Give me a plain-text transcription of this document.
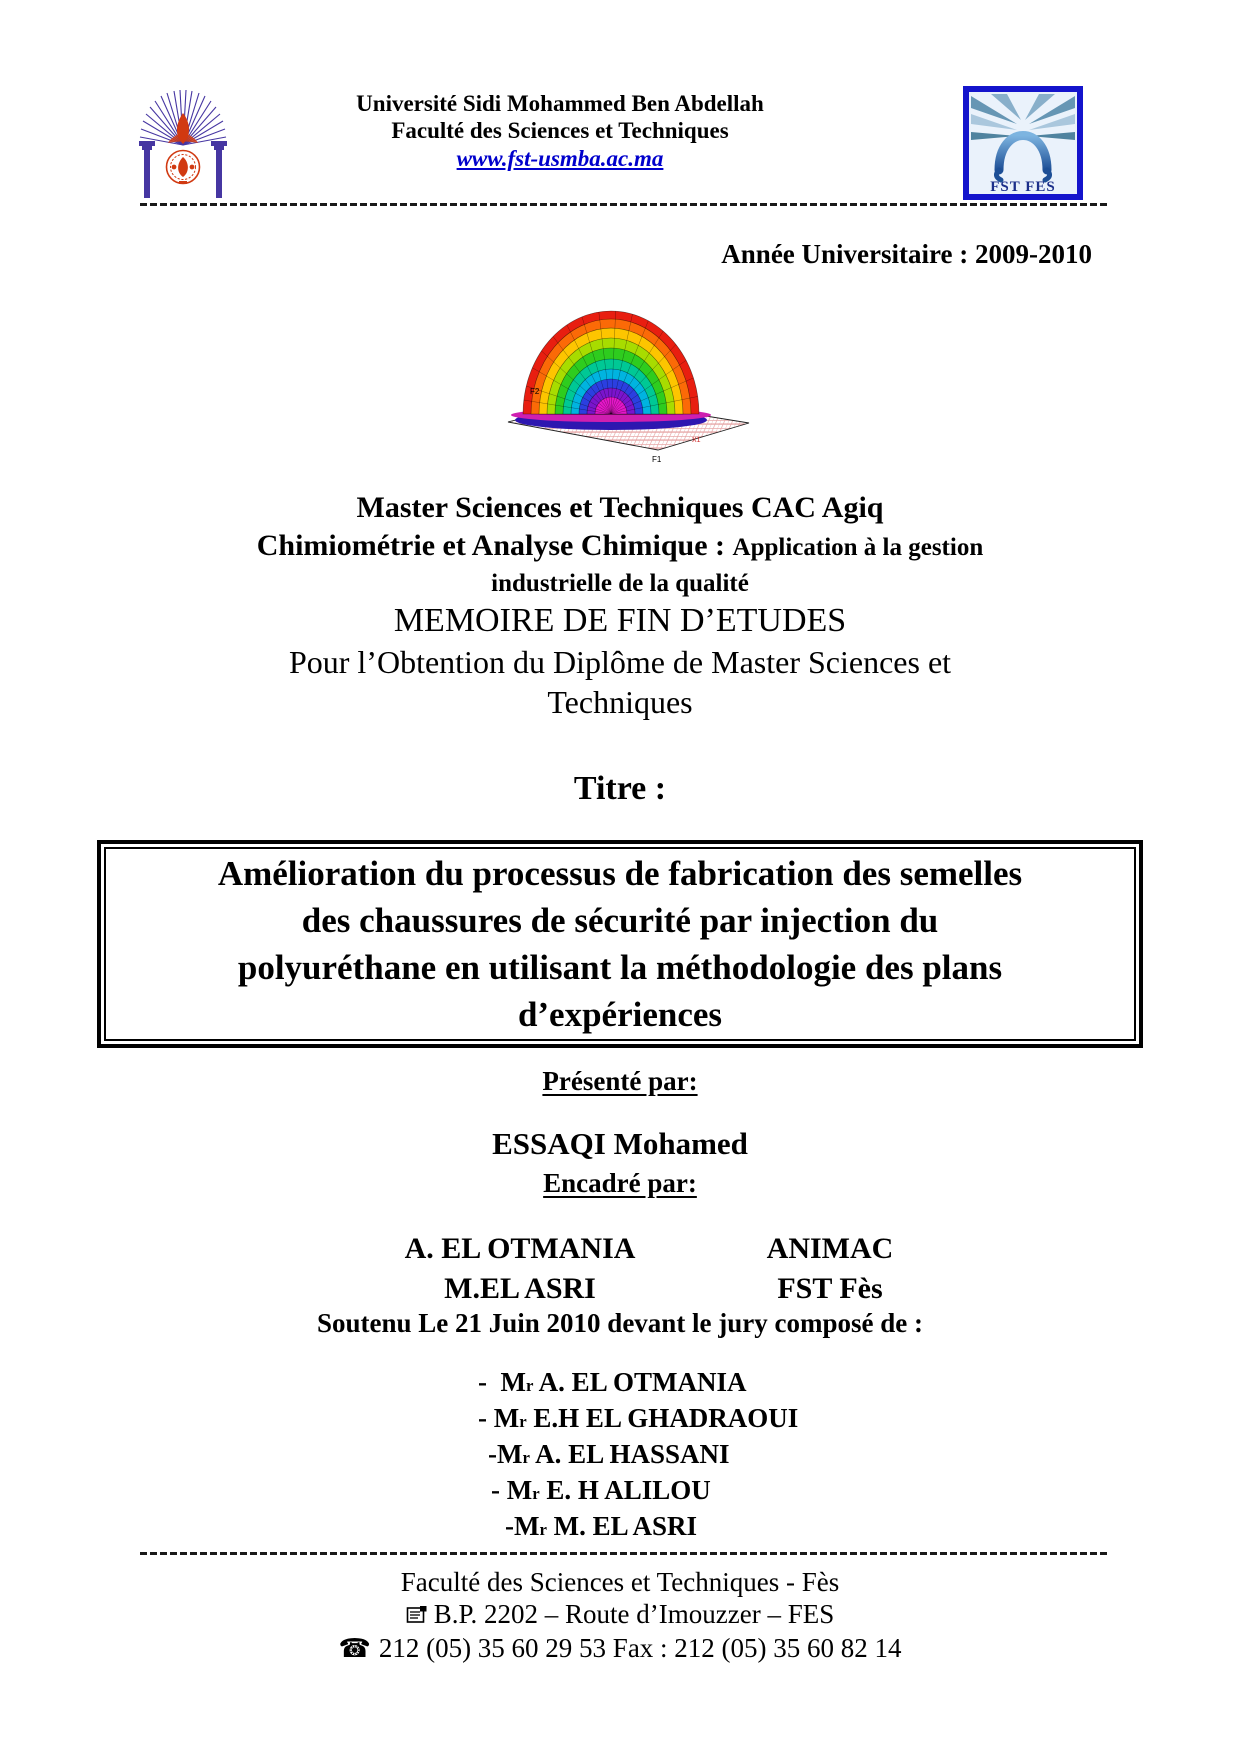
Université Sidi Mohammed Ben Abdellah
Faculté des Sciences et Techniques
www.fst-usmba.ac.ma
FST FES
Année Universitaire : 2009-2010
F2
F1
X1
Master Sciences et Techniques CAC Agiq
Chimiométrie et Analyse Chimique : Application à la gestion
industrielle de la qualité
MEMOIRE DE FIN D’ETUDES
Pour l’Obtention du Diplôme de Master Sciences et
Techniques
Titre :
Amélioration du processus de fabrication des semelles
des chaussures de sécurité par injection du
polyuréthane en utilisant la méthodologie des plans
d’expériences
Présenté par:
ESSAQI Mohamed
Encadré par:
A. EL OTMANIA	ANIMAC
M.EL ASRI	FST Fès
Soutenu Le 21 Juin 2010 devant le jury composé de :
-  Mr A. EL OTMANIA
- Mr E.H EL GHADRAOUI
-Mr A. EL HASSANI
- Mr E. H ALILOU
-Mr M. EL ASRI
Faculté des Sciences et Techniques - Fès
B.P. 2202 – Route d’Imouzzer – FES
☎ 212 (05) 35 60 29 53 Fax : 212 (05) 35 60 82 14
